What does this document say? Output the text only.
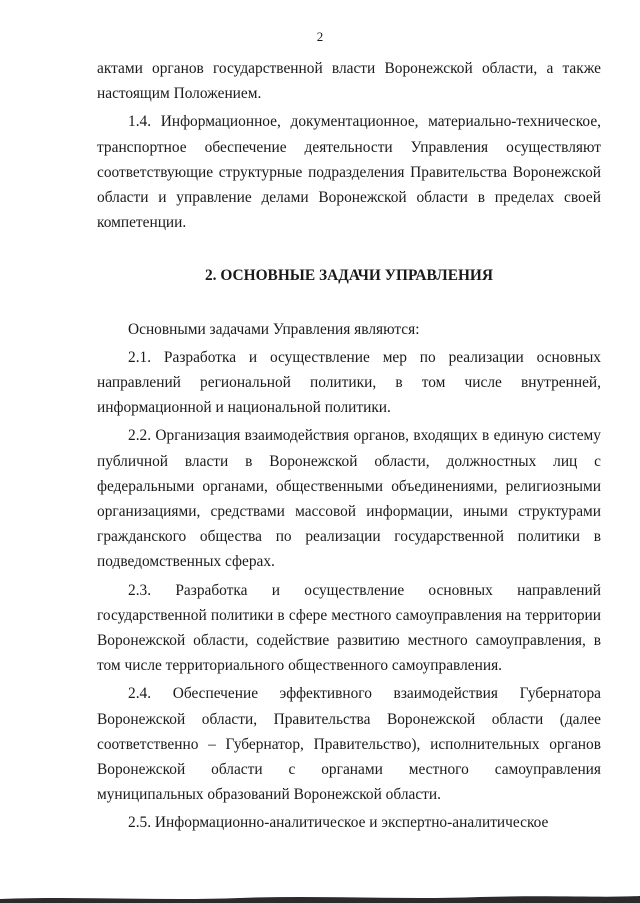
2

актами органов государственной власти Воронежской области, а также настоящим Положением.

1.4. Информационное, документационное, материально-техническое, транспортное обеспечение деятельности Управления осуществляют соответствующие структурные подразделения Правительства Воронежской области и управление делами Воронежской области в пределах своей компетенции.

2. ОСНОВНЫЕ ЗАДАЧИ УПРАВЛЕНИЯ

Основными задачами Управления являются:

2.1. Разработка и осуществление мер по реализации основных направлений региональной политики, в том числе внутренней, информационной и национальной политики.

2.2. Организация взаимодействия органов, входящих в единую систему публичной власти в Воронежской области, должностных лиц с федеральными органами, общественными объединениями, религиозными организациями, средствами массовой информации, иными структурами гражданского общества по реализации государственной политики в подведомственных сферах.

2.3. Разработка и осуществление основных направлений государственной политики в сфере местного самоуправления на территории Воронежской области, содействие развитию местного самоуправления, в том числе территориального общественного самоуправления.

2.4. Обеспечение эффективного взаимодействия Губернатора Воронежской области, Правительства Воронежской области (далее соответственно – Губернатор, Правительство), исполнительных органов Воронежской области с органами местного самоуправления муниципальных образований Воронежской области.

2.5. Информационно-аналитическое и экспертно-аналитическое
